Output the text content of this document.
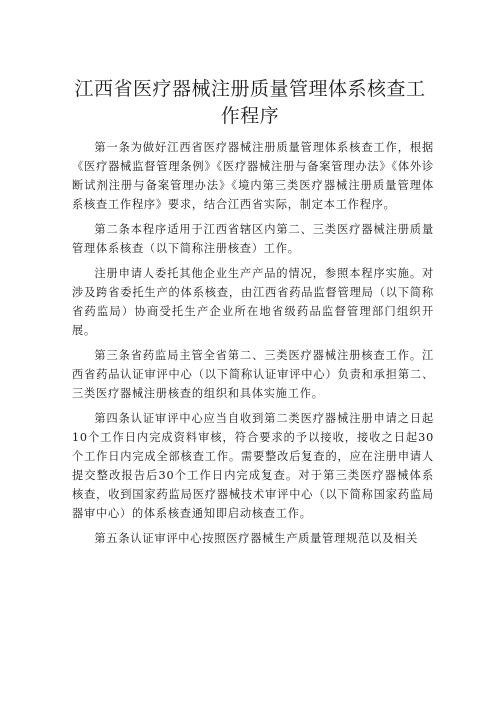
江西省医疗器械注册质量管理体系核查工
作程序

第一条为做好江西省医疗器械注册质量管理体系核查工作，根据《医疗器械监督管理条例》《医疗器械注册与备案管理办法》《体外诊断试剂注册与备案管理办法》《境内第三类医疗器械注册质量管理体系核查工作程序》要求，结合江西省实际，制定本工作程序。

第二条本程序适用于江西省辖区内第二、三类医疗器械注册质量管理体系核查（以下简称注册核查）工作。

注册申请人委托其他企业生产产品的情况，参照本程序实施。对涉及跨省委托生产的体系核查，由江西省药品监督管理局（以下简称省药监局）协商受托生产企业所在地省级药品监督管理部门组织开展。

第三条省药监局主管全省第二、三类医疗器械注册核查工作。江西省药品认证审评中心（以下简称认证审评中心）负责和承担第二、三类医疗器械注册核查的组织和具体实施工作。

第四条认证审评中心应当自收到第二类医疗器械注册申请之日起10个工作日内完成资料审核，符合要求的予以接收，接收之日起30个工作日内完成全部核查工作。需要整改后复查的，应在注册申请人提交整改报告后30个工作日内完成复查。对于第三类医疗器械体系核查，收到国家药监局医疗器械技术审评中心（以下简称国家药监局器审中心）的体系核查通知即启动核查工作。

第五条认证审评中心按照医疗器械生产质量管理规范以及相关
